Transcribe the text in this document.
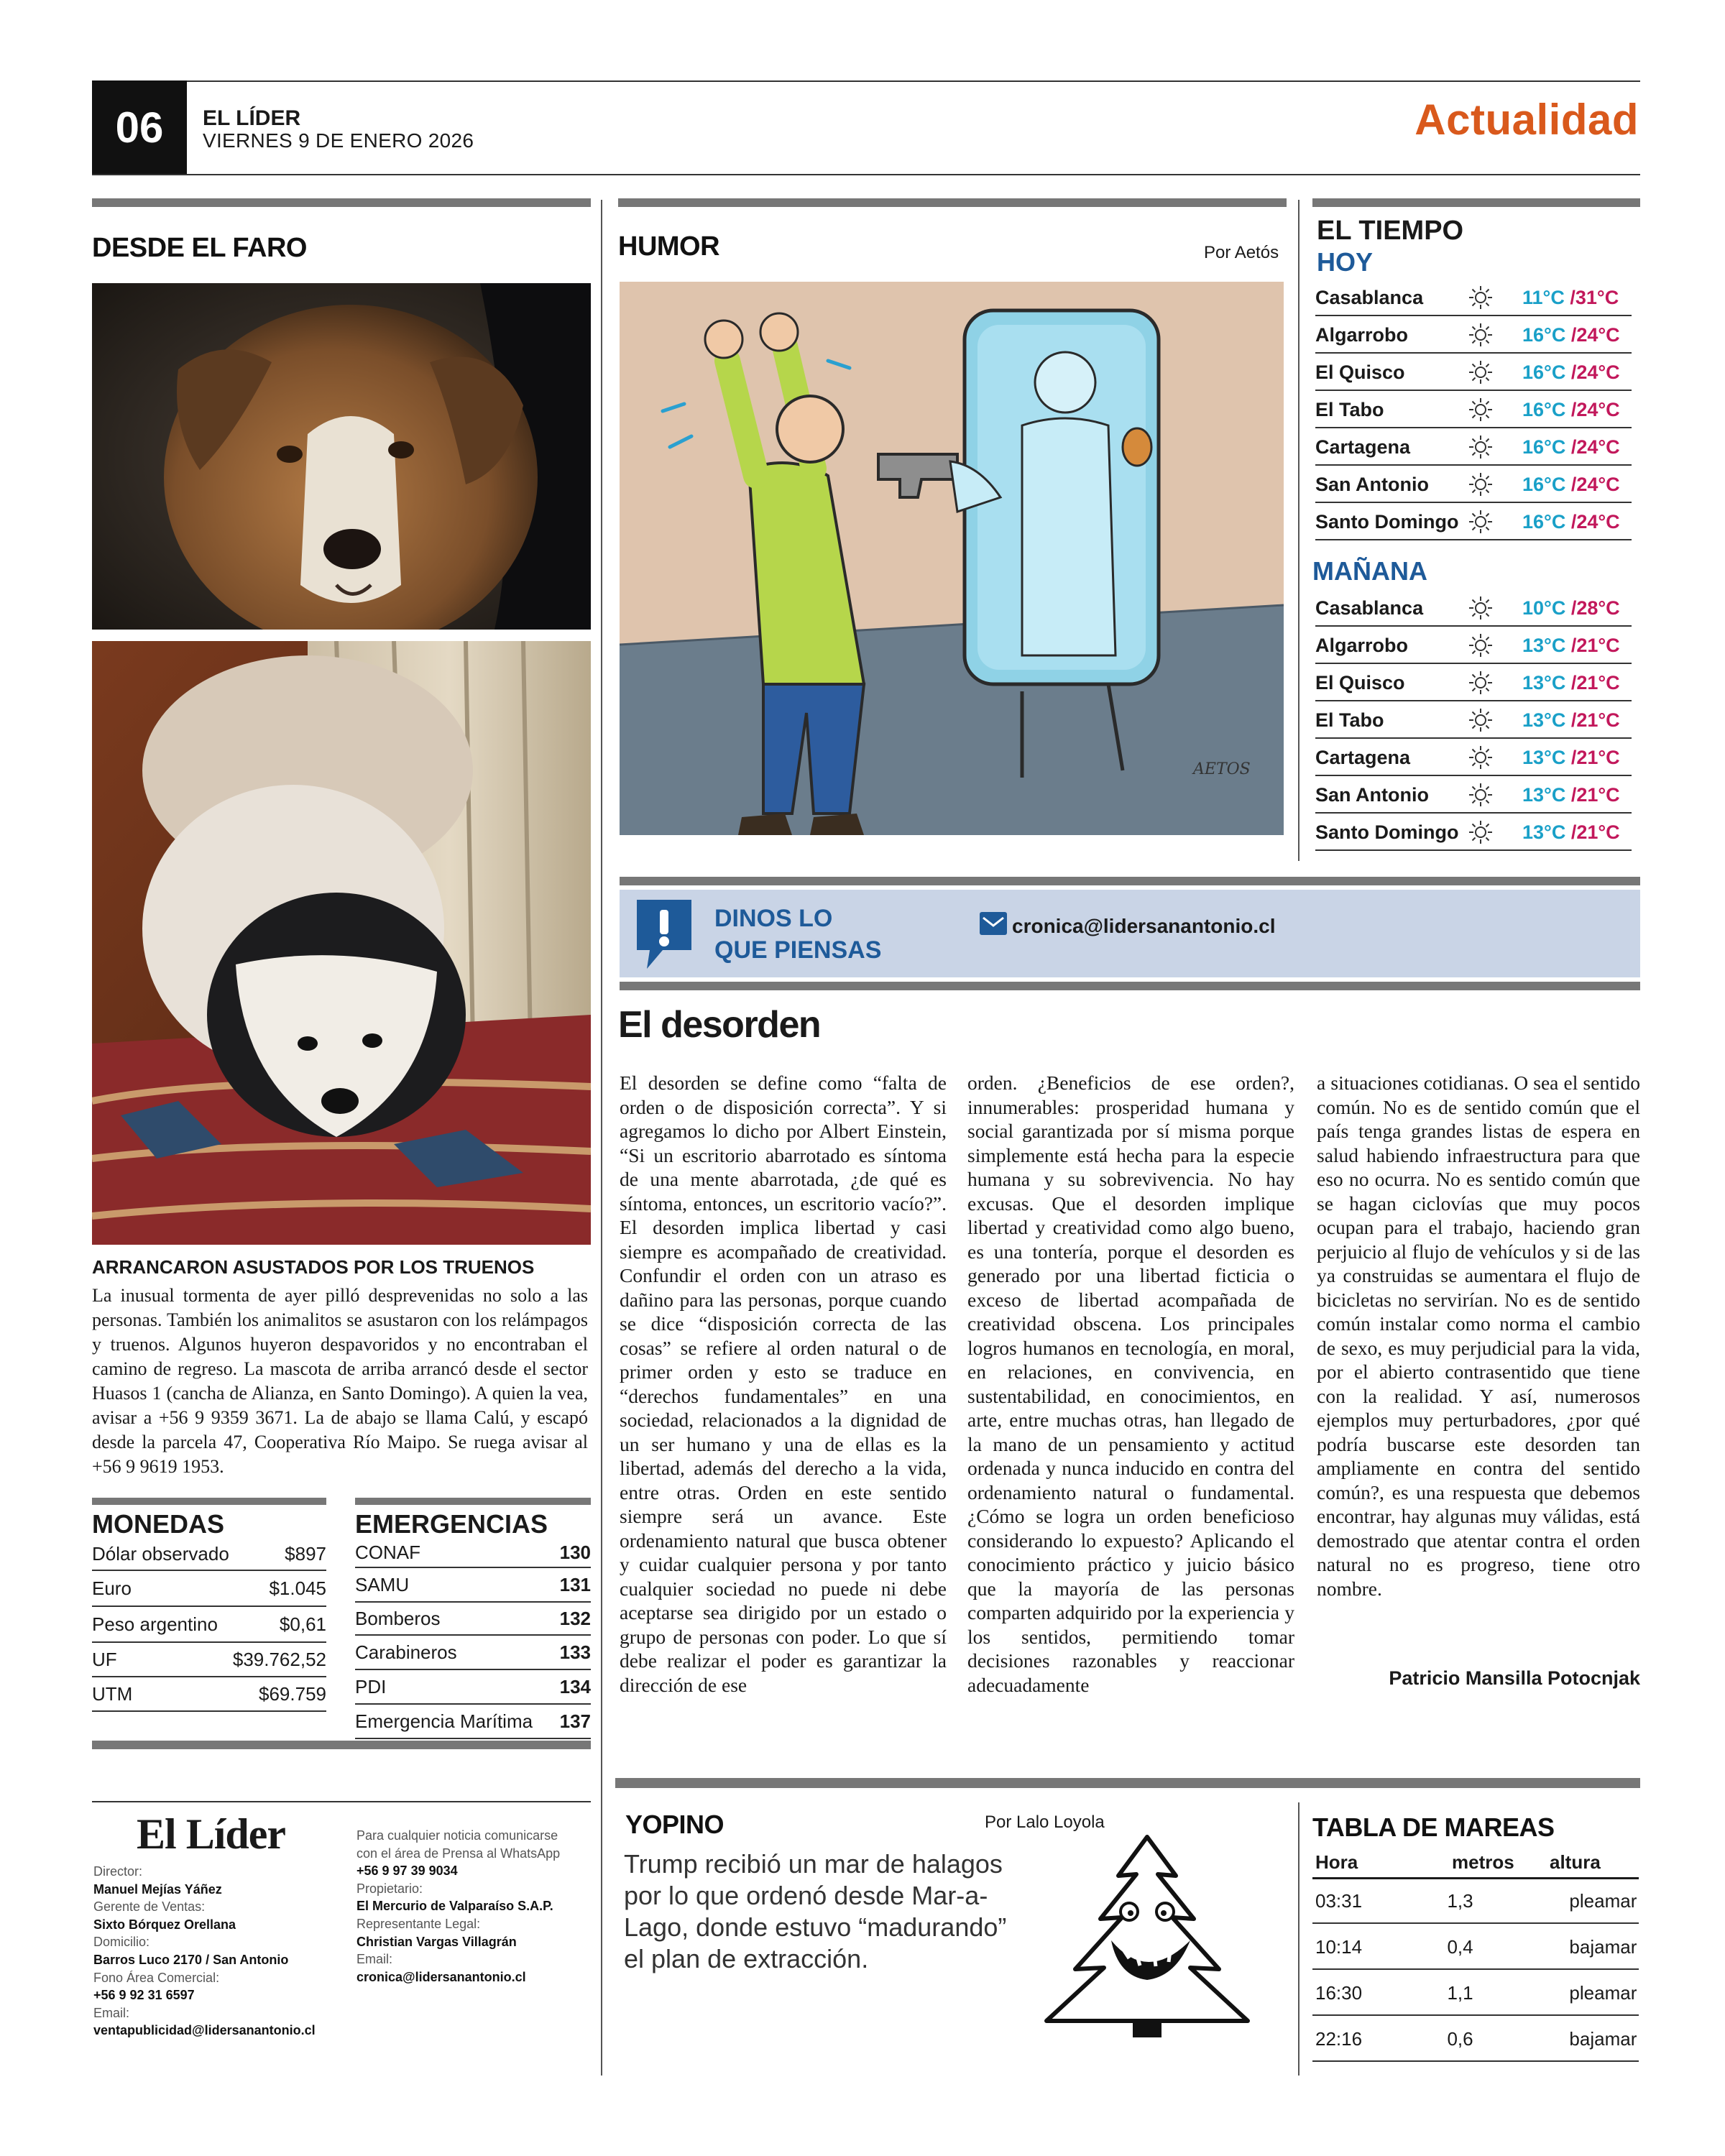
06	EL LÍDER
VIERNES 9 DE ENERO 2026	Actualidad
DESDE EL FARO
ARRANCARON ASUSTADOS POR LOS TRUENOS
La inusual tormenta de ayer pilló desprevenidas no solo a las personas. También los animalitos se asustaron con los relámpagos y truenos. Algunos huyeron despavoridos y no encontraban el camino de regreso. La mascota de arriba arrancó desde el sector Huasos 1 (cancha de Alianza, en Santo Domingo). A quien la vea, avisar a +56 9 9359 3671. La de abajo se llama Calú, y escapó desde la parcela 47, Cooperativa Río Maipo. Se ruega avisar al +56 9 9619 1953.
MONEDAS
Dólar observado	$897
Euro	$1.045
Peso argentino	$0,61
UF	$39.762,52
UTM	$69.759
EMERGENCIAS
CONAF	130
SAMU	131
Bomberos	132
Carabineros	133
PDI	134
Emergencia Marítima 137
HUMOR	Por Aetós
AETOS
EL TIEMPO
HOY
Casablanca	11°C / 31°C
Algarrobo	16°C / 24°C
El Quisco	16°C / 24°C
El Tabo	16°C / 24°C
Cartagena	16°C / 24°C
San Antonio	16°C / 24°C
Santo Domingo	16°C / 24°C
MAÑANA
Casablanca	10°C / 28°C
Algarrobo	13°C / 21°C
El Quisco	13°C / 21°C
El Tabo	13°C / 21°C
Cartagena	13°C / 21°C
San Antonio	13°C / 21°C
Santo Domingo	13°C / 21°C
DINOS LO
QUE PIENSAS
cronica@lidersanantonio.cl
El desorden
El desorden se define como “falta de orden o de disposición correcta”. Y si agregamos lo dicho por Albert Einstein, “Si un escritorio abarrotado es síntoma de una mente abarrotada, ¿de qué es síntoma, entonces, un escritorio vacío?”. El desorden implica libertad y casi siempre es acompañado de creatividad. Confundir el orden con un atraso es dañino para las personas, porque cuando se dice “disposición correcta de las cosas” se refiere al orden natural o de primer orden y esto se traduce en “derechos fundamentales” en una sociedad, relacionados a la dignidad de un ser humano y una de ellas es la libertad, además del derecho a la vida, entre otras. Orden en este sentido siempre será un avance. Este ordenamiento natural que busca obtener y cuidar cualquier persona y por tanto cualquier sociedad no puede ni debe aceptarse sea dirigido por un estado o grupo de personas con poder. Lo que sí debe realizar el poder es garantizar la dirección de ese
orden. ¿Beneficios de ese orden?, innumerables: prosperidad humana y social garantizada por sí misma porque simplemente está hecha para la especie humana y su sobrevivencia. No hay excusas. Que el desorden implique libertad y creatividad como algo bueno, es una tontería, porque el desorden es generado por una libertad ficticia o exceso de libertad acompañada de creatividad obscena. Los principales logros humanos en tecnología, en moral, en relaciones, en convivencia, en sustentabilidad, en conocimientos, en arte, entre muchas otras, han llegado de la mano de un pensamiento y actitud ordenada y nunca inducido en contra del ordenamiento natural o fundamental. ¿Cómo se logra un orden beneficioso considerando lo expuesto? Aplicando el conocimiento práctico y juicio básico que la mayoría de las personas comparten adquirido por la experiencia y los sentidos, permitiendo tomar decisiones razonables y reaccionar adecuadamente
a situaciones cotidianas. O sea el sentido común. No es de sentido común que el país tenga grandes listas de espera en salud habiendo infraestructura para que eso no ocurra. No es sentido común que se hagan ciclovías que muy pocos ocupan para el trabajo, haciendo gran perjuicio al flujo de vehículos y si de las ya construidas se aumentara el flujo de bicicletas no servirían. No es de sentido común instalar como norma el cambio de sexo, es muy perjudicial para la vida, por el abierto contrasentido que tiene con la realidad. Y así, numerosos ejemplos muy perturbadores, ¿por qué podría buscarse este desorden tan ampliamente en contra del sentido común?, es una respuesta que debemos encontrar, hay algunas muy válidas, está demostrado que atentar contra el orden natural no es progreso, tiene otro nombre.
Patricio Mansilla Potocnjak
El Líder
Director:
Manuel Mejías Yáñez
Gerente de Ventas:
Sixto Bórquez Orellana
Domicilio:
Barros Luco 2170 / San Antonio
Fono Área Comercial:
+56 9 92 31 6597
Email:
ventapublicidad@lidersanantonio.cl
Para cualquier noticia comunicarse
con el área de Prensa al WhatsApp
+56 9 97 39 9034
Propietario:
El Mercurio de Valparaíso S.A.P.
Representante Legal:
Christian Vargas Villagrán
Email:
cronica@lidersanantonio.cl
YOPINO	Por Lalo Loyola
Trump recibió un mar de halagos por lo que ordenó desde Mar-a-Lago, donde estuvo “madurando” el plan de extracción.
TABLA DE MAREAS
Hora	metros altura
03:31	1,3	pleamar
10:14	0,4	bajamar
16:30	1,1	pleamar
22:16	0,6	bajamar
